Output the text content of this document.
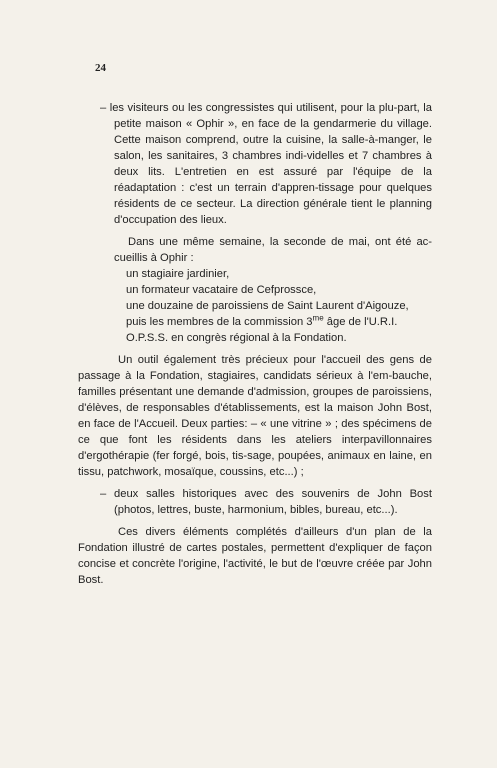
24

– les visiteurs ou les congressistes qui utilisent, pour la plu-part, la petite maison « Ophir », en face de la gendarmerie du village. Cette maison comprend, outre la cuisine, la salle-à-manger, le salon, les sanitaires, 3 chambres indi-videlles et 7 chambres à deux lits. L'entretien en est assuré par l'équipe de la réadaptation : c'est un terrain d'appren-tissage pour quelques résidents de ce secteur. La direction générale tient le planning d'occupation des lieux.

Dans une même semaine, la seconde de mai, ont été ac-cueillis à Ophir :

un stagiaire jardinier,

un formateur vacataire de Cefprossce,

une douzaine de paroissiens de Saint Laurent d'Aigouze,

puis les membres de la commission $3^{me}$ âge de l'U.R.I.

O.P.S.S. en congrès régional à la Fondation.

Un outil également très précieux pour l'accueil des gens de passage à la Fondation, stagiaires, candidats sérieux à l'em-bauche, familles présentant une demande d'admission, groupes de paroissiens, d'élèves, de responsables d'établissements, est la maison John Bost, en face de l'Accueil. Deux parties: – « une vitrine » ; des spécimens de ce que font les résidents dans les ateliers interpavillonnaires d'ergothérapie (fer forgé, bois, tis-sage, poupées, animaux en laine, en tissu, patchwork, mosaïque, coussins, etc...) ;

– deux salles historiques avec des souvenirs de John Bost (photos, lettres, buste, harmonium, bibles, bureau, etc...).

Ces divers éléments complétés d'ailleurs d'un plan de la Fondation illustré de cartes postales, permettent d'expliquer de façon concise et concrète l'origine, l'activité, le but de l'œuvre créée par John Bost.
